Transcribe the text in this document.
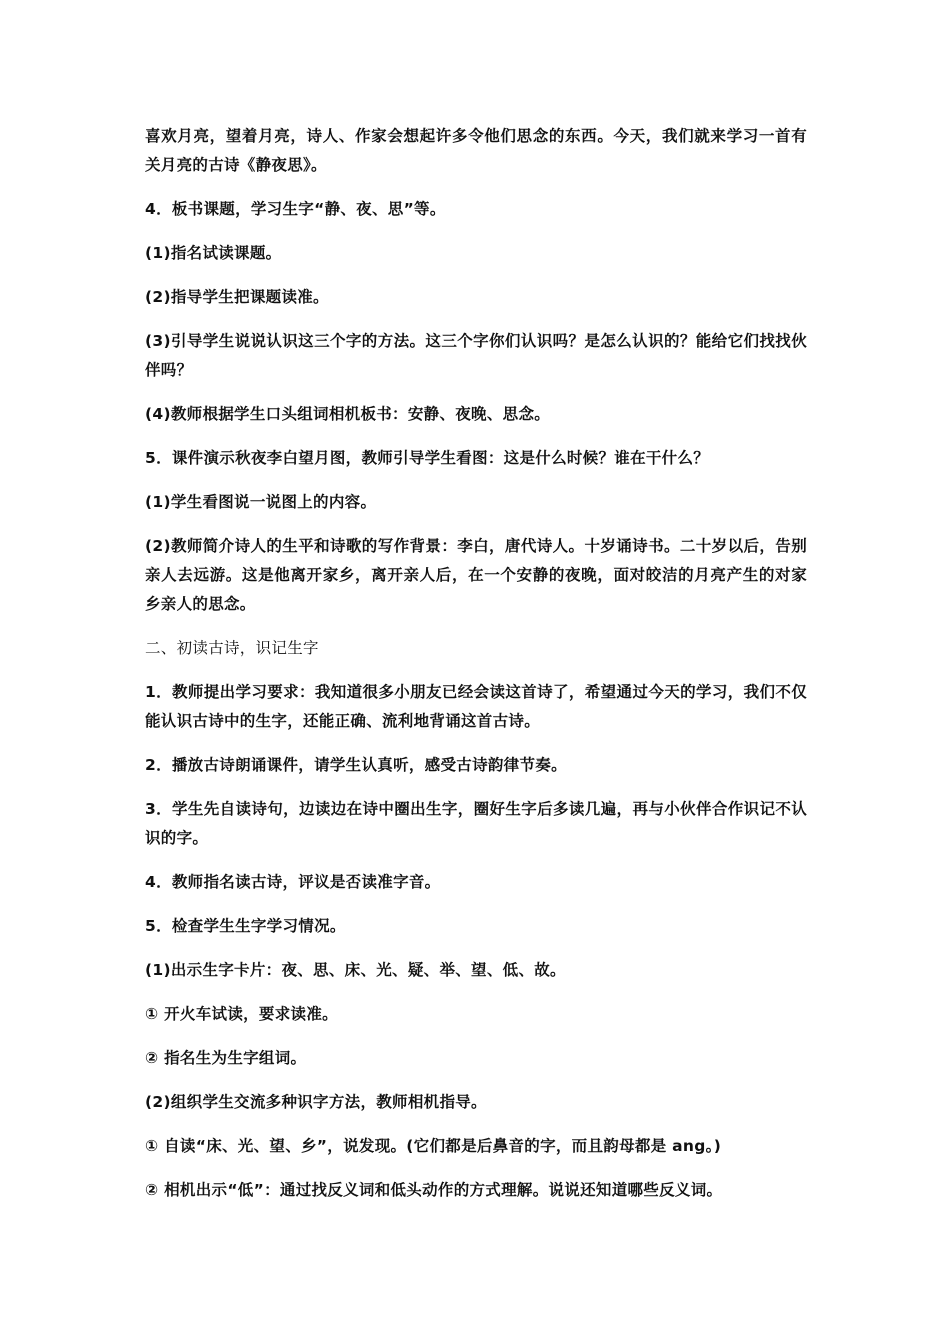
喜欢月亮，望着月亮，诗人、作家会想起许多令他们思念的东西。今天，我们就来学习一首有关月亮的古诗《静夜思》。

4．板书课题，学习生字“静、夜、思”等。

(1)指名试读课题。

(2)指导学生把课题读准。

(3)引导学生说说认识这三个字的方法。这三个字你们认识吗？是怎么认识的？能给它们找找伙伴吗？

(4)教师根据学生口头组词相机板书：安静、夜晚、思念。

5．课件演示秋夜李白望月图，教师引导学生看图：这是什么时候？谁在干什么？

(1)学生看图说一说图上的内容。

(2)教师简介诗人的生平和诗歌的写作背景：李白，唐代诗人。十岁诵诗书。二十岁以后，告别亲人去远游。这是他离开家乡，离开亲人后，在一个安静的夜晚，面对皎洁的月亮产生的对家乡亲人的思念。

二、初读古诗，识记生字

1．教师提出学习要求：我知道很多小朋友已经会读这首诗了，希望通过今天的学习，我们不仅能认识古诗中的生字，还能正确、流利地背诵这首古诗。

2．播放古诗朗诵课件，请学生认真听，感受古诗韵律节奏。

3．学生先自读诗句，边读边在诗中圈出生字，圈好生字后多读几遍，再与小伙伴合作识记不认识的字。

4．教师指名读古诗，评议是否读准字音。

5．检查学生生字学习情况。

(1)出示生字卡片：夜、思、床、光、疑、举、望、低、故。

① 开火车试读，要求读准。

② 指名生为生字组词。

(2)组织学生交流多种识字方法，教师相机指导。

① 自读“床、光、望、乡”，说发现。(它们都是后鼻音的字，而且韵母都是 ang。)

② 相机出示“低”：通过找反义词和低头动作的方式理解。说说还知道哪些反义词。
